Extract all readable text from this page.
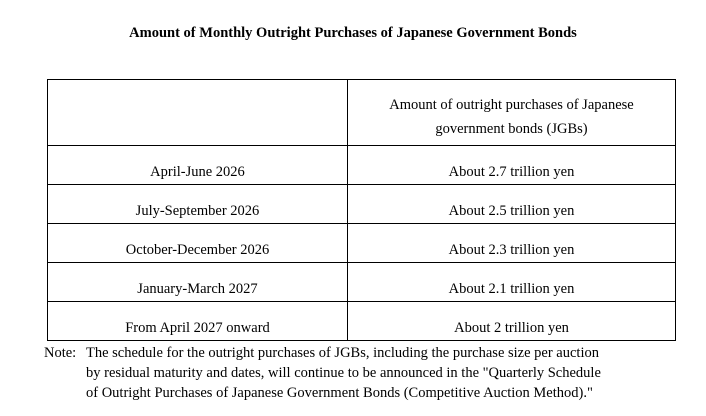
Amount of Monthly Outright Purchases of Japanese Government Bonds
	Amount of outright purchases of Japanese
government bonds (JGBs)
April-June 2026	About 2.7 trillion yen
July-September 2026	About 2.5 trillion yen
October-December 2026	About 2.3 trillion yen
January-March 2027	About 2.1 trillion yen
From April 2027 onward	About 2 trillion yen
Note: The schedule for the outright purchases of JGBs, including the purchase size per auction
by residual maturity and dates, will continue to be announced in the "Quarterly Schedule
of Outright Purchases of Japanese Government Bonds (Competitive Auction Method)."
